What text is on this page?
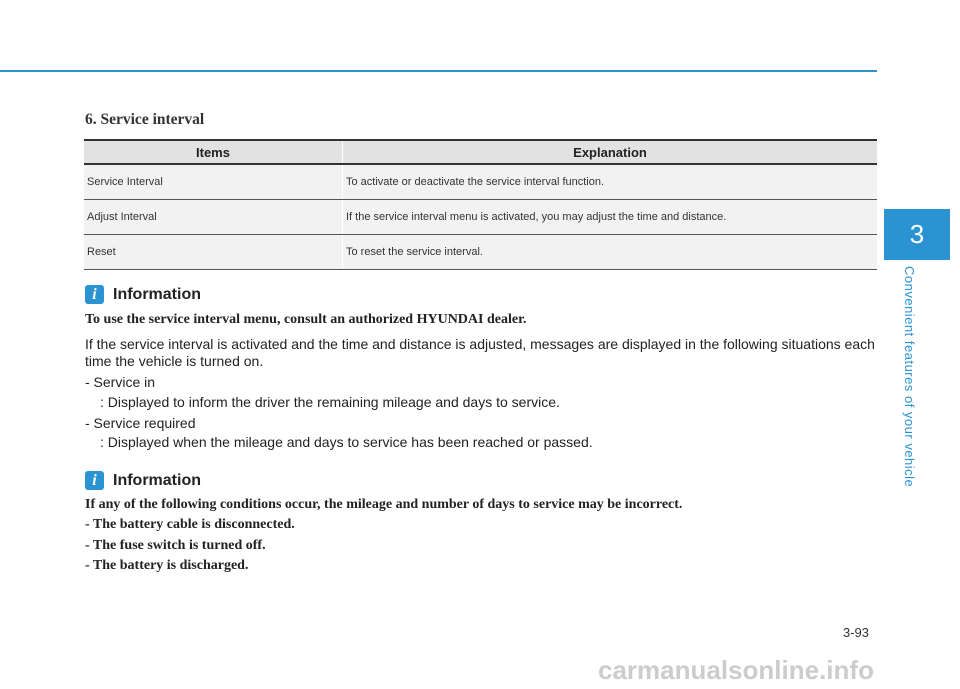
6. Service interval
Items	Explanation
Service Interval	To activate or deactivate the service interval function.
Adjust Interval	If the service interval menu is activated, you may adjust the time and distance.
Reset	To reset the service interval.
i	Information
To use the service interval menu, consult an authorized HYUNDAI dealer.
If the service interval is activated and the time and distance is adjusted, messages are displayed in the following situations each time the vehicle is turned on.
- Service in
: Displayed to inform the driver the remaining mileage and days to service.
- Service required
: Displayed when the mileage and days to service has been reached or passed.
i	Information
If any of the following conditions occur, the mileage and number of days to service may be incorrect.
- The battery cable is disconnected.
- The fuse switch is turned off.
- The battery is discharged.
3
Convenient features of your vehicle
3-93
carmanualsonline.info
